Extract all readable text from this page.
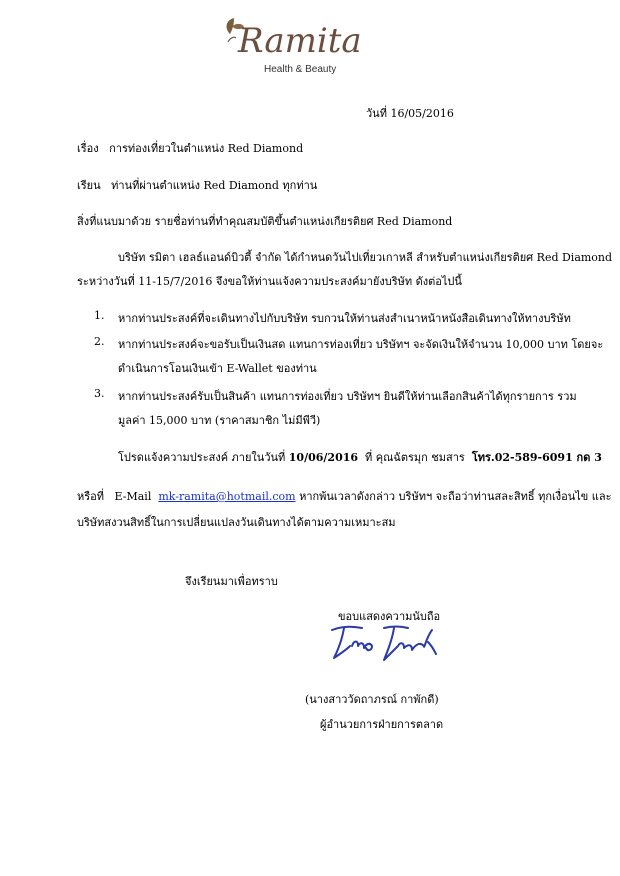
Ramita
Health & Beauty
วันที่ 16/05/2016
เรื่อง การท่องเที่ยวในตำแหน่ง Red Diamond
เรียน ท่านที่ผ่านตำแหน่ง Red Diamond ทุกท่าน
สิ่งที่แนบมาด้วย รายชื่อท่านที่ทำคุณสมบัติขึ้นตำแหน่งเกียรติยศ Red Diamond
บริษัท รมิตา เฮลธ์แอนด์บิวตี้ จำกัด ได้กำหนดวันไปเที่ยวเกาหลี สำหรับตำแหน่งเกียรติยศ Red Diamond
ระหว่างวันที่ 11-15/7/2016 จึงขอให้ท่านแจ้งความประสงค์มายังบริษัท ดังต่อไปนี้
1. หากท่านประสงค์ที่จะเดินทางไปกับบริษัท รบกวนให้ท่านส่งสำเนาหน้าหนังสือเดินทางให้ทางบริษัท
2. หากท่านประสงค์จะขอรับเป็นเงินสด แทนการท่องเที่ยว บริษัทฯ จะจัดเงินให้จำนวน 10,000 บาท โดยจะ
ดำเนินการโอนเงินเข้า E-Wallet ของท่าน
3. หากท่านประสงค์รับเป็นสินค้า แทนการท่องเที่ยว บริษัทฯ ยินดีให้ท่านเลือกสินค้าได้ทุกรายการ รวม
มูลค่า 15,000 บาท (ราคาสมาชิก ไม่มีพีวี)
โปรดแจ้งความประสงค์ ภายในวันที่ 10/06/2016 ที่ คุณฉัตรมุก ชมสาร โทร.02-589-6091 กด 3
หรือที่ E-Mail mk-ramita@hotmail.com หากพ้นเวลาดังกล่าว บริษัทฯ จะถือว่าท่านสละสิทธิ์ ทุกเงื่อนไข และ
บริษัทสงวนสิทธิ์ในการเปลี่ยนแปลงวันเดินทางได้ตามความเหมาะสม
จึงเรียนมาเพื่อทราบ
ขอบแสดงความนับถือ
(นางสาววัดถาภรณ์ กาพักดี)
ผู้อำนวยการฝ่ายการตลาด
